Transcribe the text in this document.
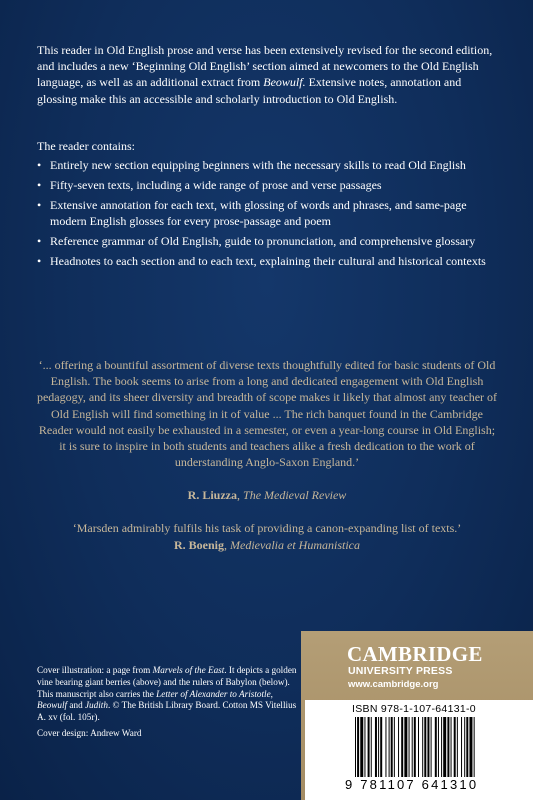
This reader in Old English prose and verse has been extensively revised for the second edition, and includes a new ‘Beginning Old English’ section aimed at newcomers to the Old English language, as well as an additional extract from Beowulf. Extensive notes, annotation and glossing make this an accessible and scholarly introduction to Old English.

The reader contains:

• Entirely new section equipping beginners with the necessary skills to read Old English
• Fifty-seven texts, including a wide range of prose and verse passages
• Extensive annotation for each text, with glossing of words and phrases, and same-page modern English glosses for every prose-passage and poem
• Reference grammar of Old English, guide to pronunciation, and comprehensive glossary
• Headnotes to each section and to each text, explaining their cultural and historical contexts

‘... offering a bountiful assortment of diverse texts thoughtfully edited for basic students of Old English. The book seems to arise from a long and dedicated engagement with Old English pedagogy, and its sheer diversity and breadth of scope makes it likely that almost any teacher of Old English will find something in it of value ... The rich banquet found in the Cambridge Reader would not easily be exhausted in a semester, or even a year-long course in Old English; it is sure to inspire in both students and teachers alike a fresh dedication to the work of understanding Anglo-Saxon England.’

R. Liuzza, The Medieval Review

‘Marsden admirably fulfils his task of providing a canon-expanding list of texts.’

R. Boenig, Medievalia et Humanistica

Cover illustration: a page from Marvels of the East. It depicts a golden vine bearing giant berries (above) and the rulers of Babylon (below). This manuscript also carries the Letter of Alexander to Aristotle, Beowulf and Judith. © The British Library Board. Cotton MS Vitellius A. xv (fol. 105r).
Cover design: Andrew Ward

CAMBRIDGE
UNIVERSITY PRESS
www.cambridge.org
ISBN 978-1-107-64131-0
9 781107 641310
